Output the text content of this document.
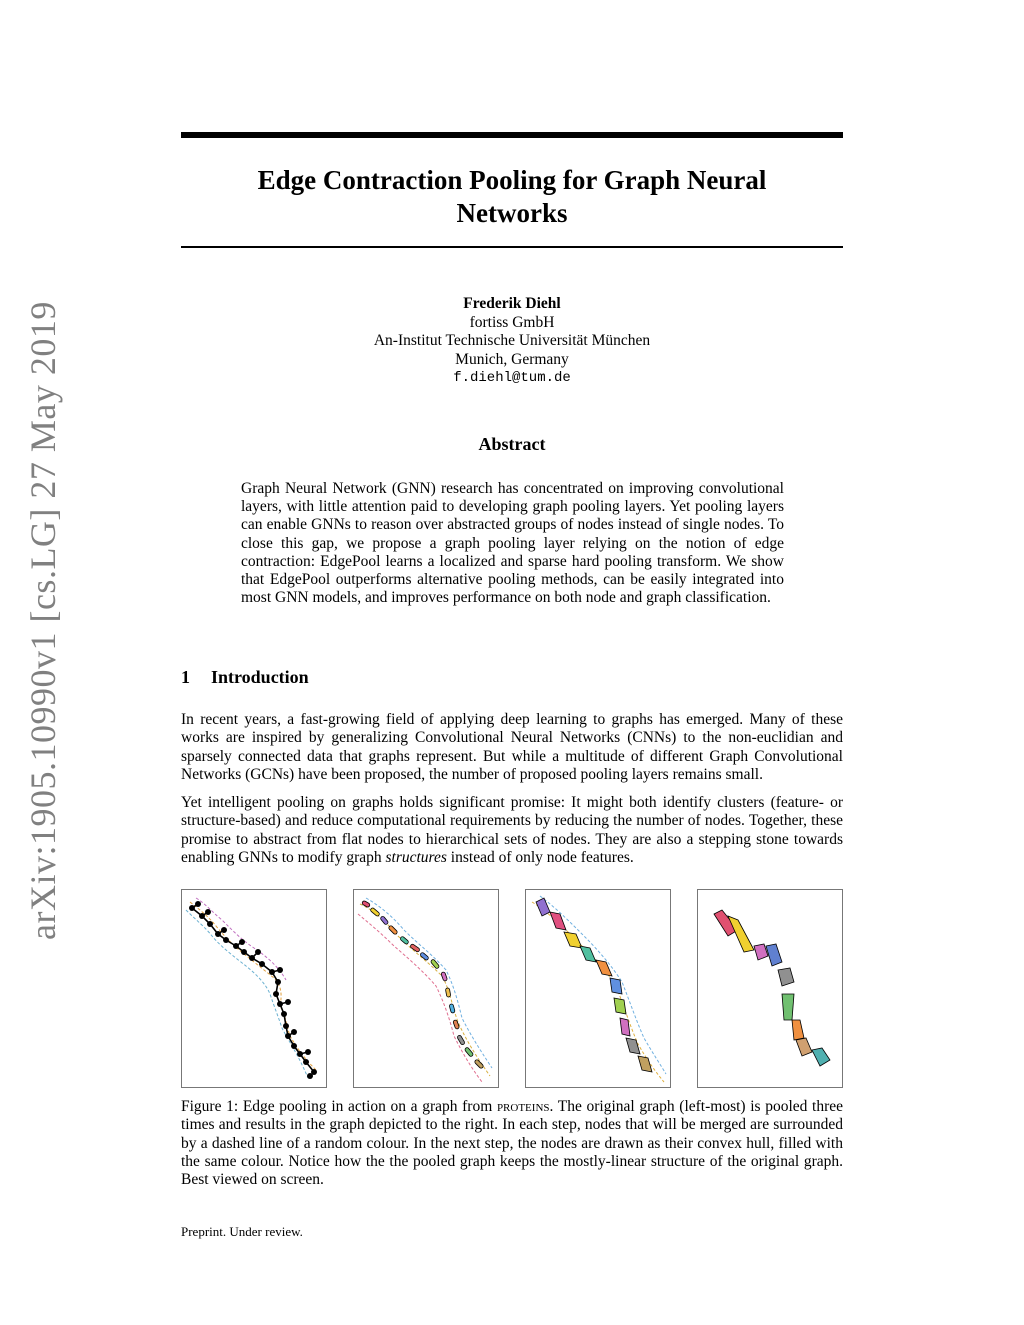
arXiv:1905.10990v1 [cs.LG] 27 May 2019
Edge Contraction Pooling for Graph Neural
Networks
Frederik Diehl
fortiss GmbH
An-Institut Technische Universität München
Munich, Germany
f.diehl@tum.de
Abstract
Graph Neural Network (GNN) research has concentrated on improving convolutional layers, with little attention paid to developing graph pooling layers. Yet pooling layers can enable GNNs to reason over abstracted groups of nodes instead of single nodes. To close this gap, we propose a graph pooling layer relying on the notion of edge contraction: EdgePool learns a localized and sparse hard pooling transform. We show that EdgePool outperforms alternative pooling methods, can be easily integrated into most GNN models, and improves performance on both node and graph classification.
1 Introduction
In recent years, a fast-growing field of applying deep learning to graphs has emerged. Many of these works are inspired by generalizing Convolutional Neural Networks (CNNs) to the non-euclidian and sparsely connected data that graphs represent. But while a multitude of different Graph Convolutional Networks (GCNs) have been proposed, the number of proposed pooling layers remains small.
Yet intelligent pooling on graphs holds significant promise: It might both identify clusters (feature- or structure-based) and reduce computational requirements by reducing the number of nodes. Together, these promise to abstract from flat nodes to hierarchical sets of nodes. They are also a stepping stone towards enabling GNNs to modify graph structures instead of only node features.
Figure 1: Edge pooling in action on a graph from proteins. The original graph (left-most) is pooled three times and results in the graph depicted to the right. In each step, nodes that will be merged are surrounded by a dashed line of a random colour. In the next step, the nodes are drawn as their convex hull, filled with the same colour. Notice how the the pooled graph keeps the mostly-linear structure of the original graph. Best viewed on screen.
Preprint. Under review.
